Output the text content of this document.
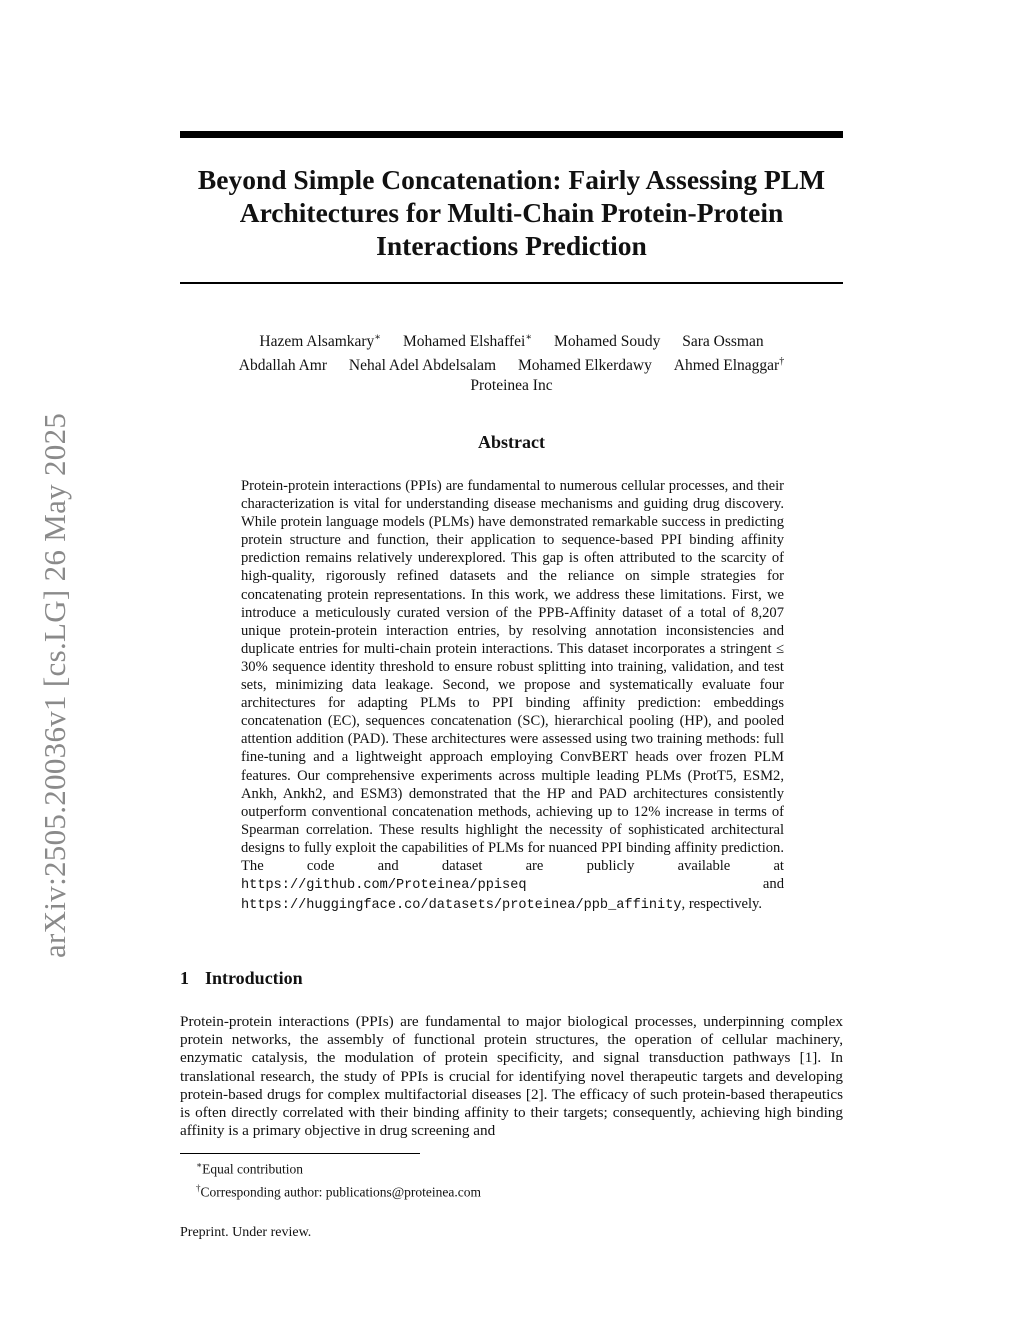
arXiv:2505.20036v1 [cs.LG] 26 May 2025
Beyond Simple Concatenation: Fairly Assessing PLM
Architectures for Multi-Chain Protein-Protein
Interactions Prediction
Hazem Alsamkary∗ Mohamed Elshaffei∗ Mohamed Soudy Sara Ossman
Abdallah Amr Nehal Adel Abdelsalam Mohamed Elkerdawy Ahmed Elnaggar†
Proteinea Inc
Abstract

Protein-protein interactions (PPIs) are fundamental to numerous cellular processes, and their characterization is vital for understanding disease mechanisms and guiding drug discovery. While protein language models (PLMs) have demonstrated remarkable success in predicting protein structure and function, their application to sequence-based PPI binding affinity prediction remains relatively underexplored. This gap is often attributed to the scarcity of high-quality, rigorously refined datasets and the reliance on simple strategies for concatenating protein representations. In this work, we address these limitations. First, we introduce a meticulously curated version of the PPB-Affinity dataset of a total of 8,207 unique protein-protein interaction entries, by resolving annotation inconsistencies and duplicate entries for multi-chain protein interactions. This dataset incorporates a stringent ≤ 30% sequence identity threshold to ensure robust splitting into training, validation, and test sets, minimizing data leakage. Second, we propose and systematically evaluate four architectures for adapting PLMs to PPI binding affinity prediction: embeddings concatenation (EC), sequences concatenation (SC), hierarchical pooling (HP), and pooled attention addition (PAD). These architectures were assessed using two training methods: full fine-tuning and a lightweight approach employing ConvBERT heads over frozen PLM features. Our comprehensive experiments across multiple leading PLMs (ProtT5, ESM2, Ankh, Ankh2, and ESM3) demonstrated that the HP and PAD architectures consistently outperform conventional concatenation methods, achieving up to 12% increase in terms of Spearman correlation. These results highlight the necessity of sophisticated architectural designs to fully exploit the capabilities of PLMs for nuanced PPI binding affinity prediction. The code and dataset are publicly available at https://github.com/Proteinea/ppiseq and https://huggingface.co/datasets/proteinea/ppb_affinity, respectively.

1 Introduction

Protein-protein interactions (PPIs) are fundamental to major biological processes, underpinning complex protein networks, the assembly of functional protein structures, the operation of cellular machinery, enzymatic catalysis, the modulation of protein specificity, and signal transduction pathways [1]. In translational research, the study of PPIs is crucial for identifying novel therapeutic targets and developing protein-based drugs for complex multifactorial diseases [2]. The efficacy of such protein-based therapeutics is often directly correlated with their binding affinity to their targets; consequently, achieving high binding affinity is a primary objective in drug screening and

∗Equal contribution
†Corresponding author: publications@proteinea.com
Preprint. Under review.
